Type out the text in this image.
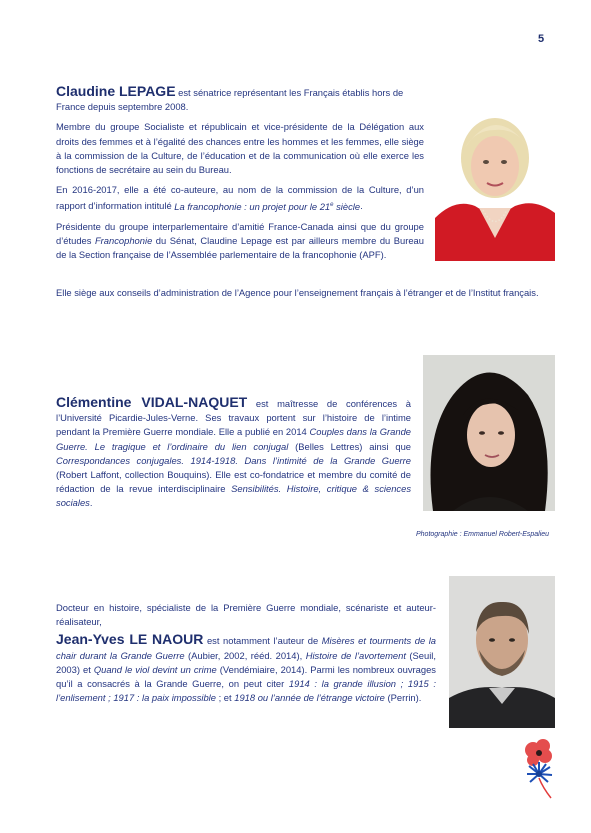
5

Claudine LEPAGE est sénatrice représentant les Français établis hors de France depuis septembre 2008.

Membre du groupe Socialiste et républicain et vice-présidente de la Délégation aux droits des femmes et à l’égalité des chances entre les hommes et les femmes, elle siège à la commission de la Culture, de l’éducation et de la communication où elle exerce les fonctions de secrétaire au sein du Bureau.

En 2016-2017, elle a été co-auteure, au nom de la commission de la Culture, d’un rapport d’information intitulé La francophonie : un projet pour le 21e siècle.

Présidente du groupe interparlementaire d’amitié France-Canada ainsi que du groupe d’études Francophonie du Sénat, Claudine Lepage est par ailleurs membre du Bureau de la Section française de l’Assemblée parlementaire de la francophonie (APF).

Elle siège aux conseils d’administration de l’Agence pour l’enseignement français à l’étranger et de l’Institut français.
Clémentine VIDAL-NAQUET est maîtresse de conférences à l’Université Picardie-Jules-Verne. Ses travaux portent sur l’histoire de l’intime pendant la Première Guerre mondiale. Elle a publié en 2014 Couples dans la Grande Guerre. Le tragique et l’ordinaire du lien conjugal (Belles Lettres) ainsi que Correspondances conjugales. 1914-1918. Dans l’intimité de la Grande Guerre (Robert Laffont, collection Bouquins). Elle est co-fondatrice et membre du comité de rédaction de la revue interdisciplinaire Sensibilités. Histoire, critique & sciences sociales.
Photographie : Emmanuel Robert-Espalieu

Docteur en histoire, spécialiste de la Première Guerre mondiale, scénariste et auteur-réalisateur,

Jean-Yves LE NAOUR est notamment l’auteur de Misères et tourments de la chair durant la Grande Guerre (Aubier, 2002, rééd. 2014), Histoire de l’avortement (Seuil, 2003) et Quand le viol devint un crime (Vendémiaire, 2014). Parmi les nombreux ouvrages qu’il a consacrés à la Grande Guerre, on peut citer 1914 : la grande illusion ; 1915 : l’enlisement ; 1917 : la paix impossible ; et 1918 ou l’année de l’étrange victoire (Perrin).
